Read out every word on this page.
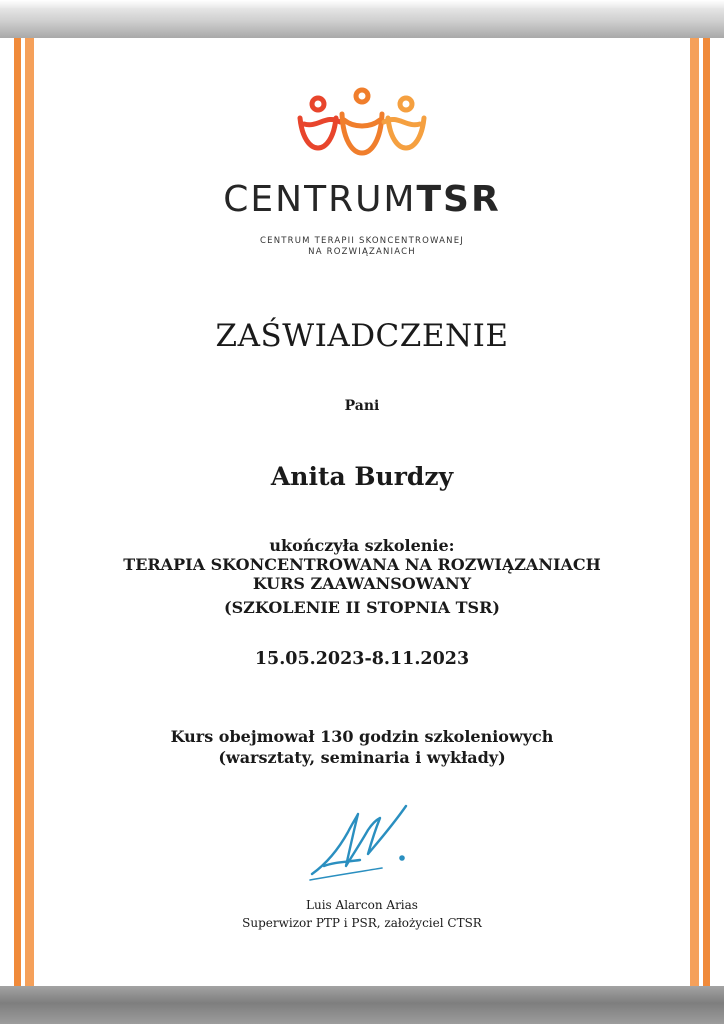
CENTRUMTSR
CENTRUM TERAPII SKONCENTROWANEJ
NA ROZWIĄZANIACH
ZAŚWIADCZENIE
Pani
Anita Burdzy
ukończyła szkolenie:
TERAPIA SKONCENTROWANA NA ROZWIĄZANIACH
KURS ZAAWANSOWANY
(SZKOLENIE II STOPNIA TSR)
15.05.2023-8.11.2023
Kurs obejmował 130 godzin szkoleniowych
(warsztaty, seminaria i wykłady)
Luis Alarcon Arias
Superwizor PTP i PSR, założyciel CTSR
